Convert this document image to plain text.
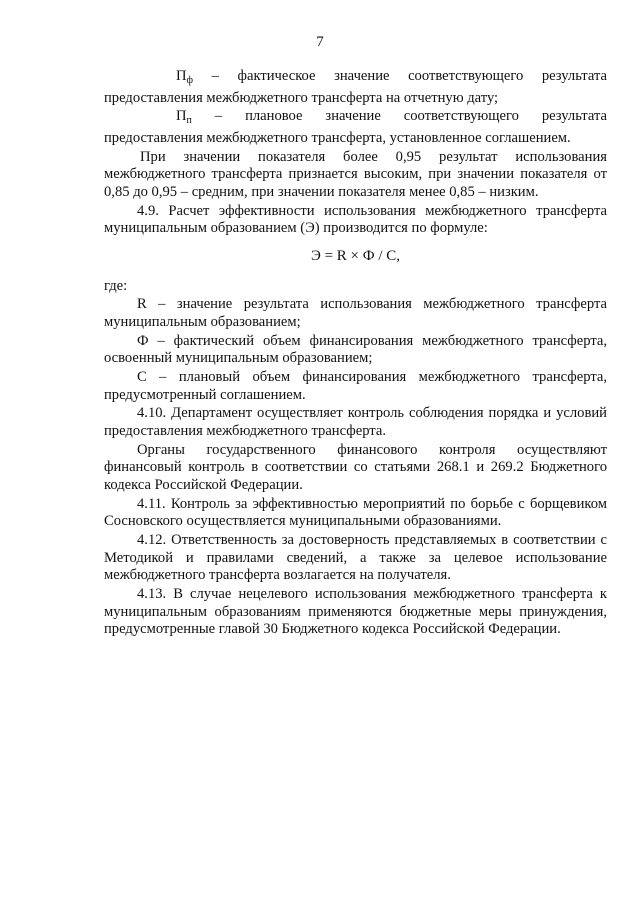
7

$П_ф$ – фактическое значение соответствующего результата предоставления межбюджетного трансферта на отчетную дату;

$П_п$ – плановое значение соответствующего результата предоставления межбюджетного трансферта, установленное соглашением.

При значении показателя более 0,95 результат использования межбюджетного трансферта признается высоким, при значении показателя от 0,85 до 0,95 – средним, при значении показателя менее 0,85 – низким.

4.9. Расчет эффективности использования межбюджетного трансферта муниципальным образованием (Э) производится по формуле:

Э = R × Ф / С,

где:

R – значение результата использования межбюджетного трансферта муниципальным образованием;

Ф – фактический объем финансирования межбюджетного трансферта, освоенный муниципальным образованием;

С – плановый объем финансирования межбюджетного трансферта, предусмотренный соглашением.

4.10. Департамент осуществляет контроль соблюдения порядка и условий предоставления межбюджетного трансферта.

Органы государственного финансового контроля осуществляют финансовый контроль в соответствии со статьями 268.1 и 269.2 Бюджетного кодекса Российской Федерации.

4.11. Контроль за эффективностью мероприятий по борьбе с борщевиком Сосновского осуществляется муниципальными образованиями.

4.12. Ответственность за достоверность представляемых в соответствии с Методикой и правилами сведений, а также за целевое использование межбюджетного трансферта возлагается на получателя.

4.13. В случае нецелевого использования межбюджетного трансферта к муниципальным образованиям применяются бюджетные меры принуждения, предусмотренные главой 30 Бюджетного кодекса Российской Федерации.
